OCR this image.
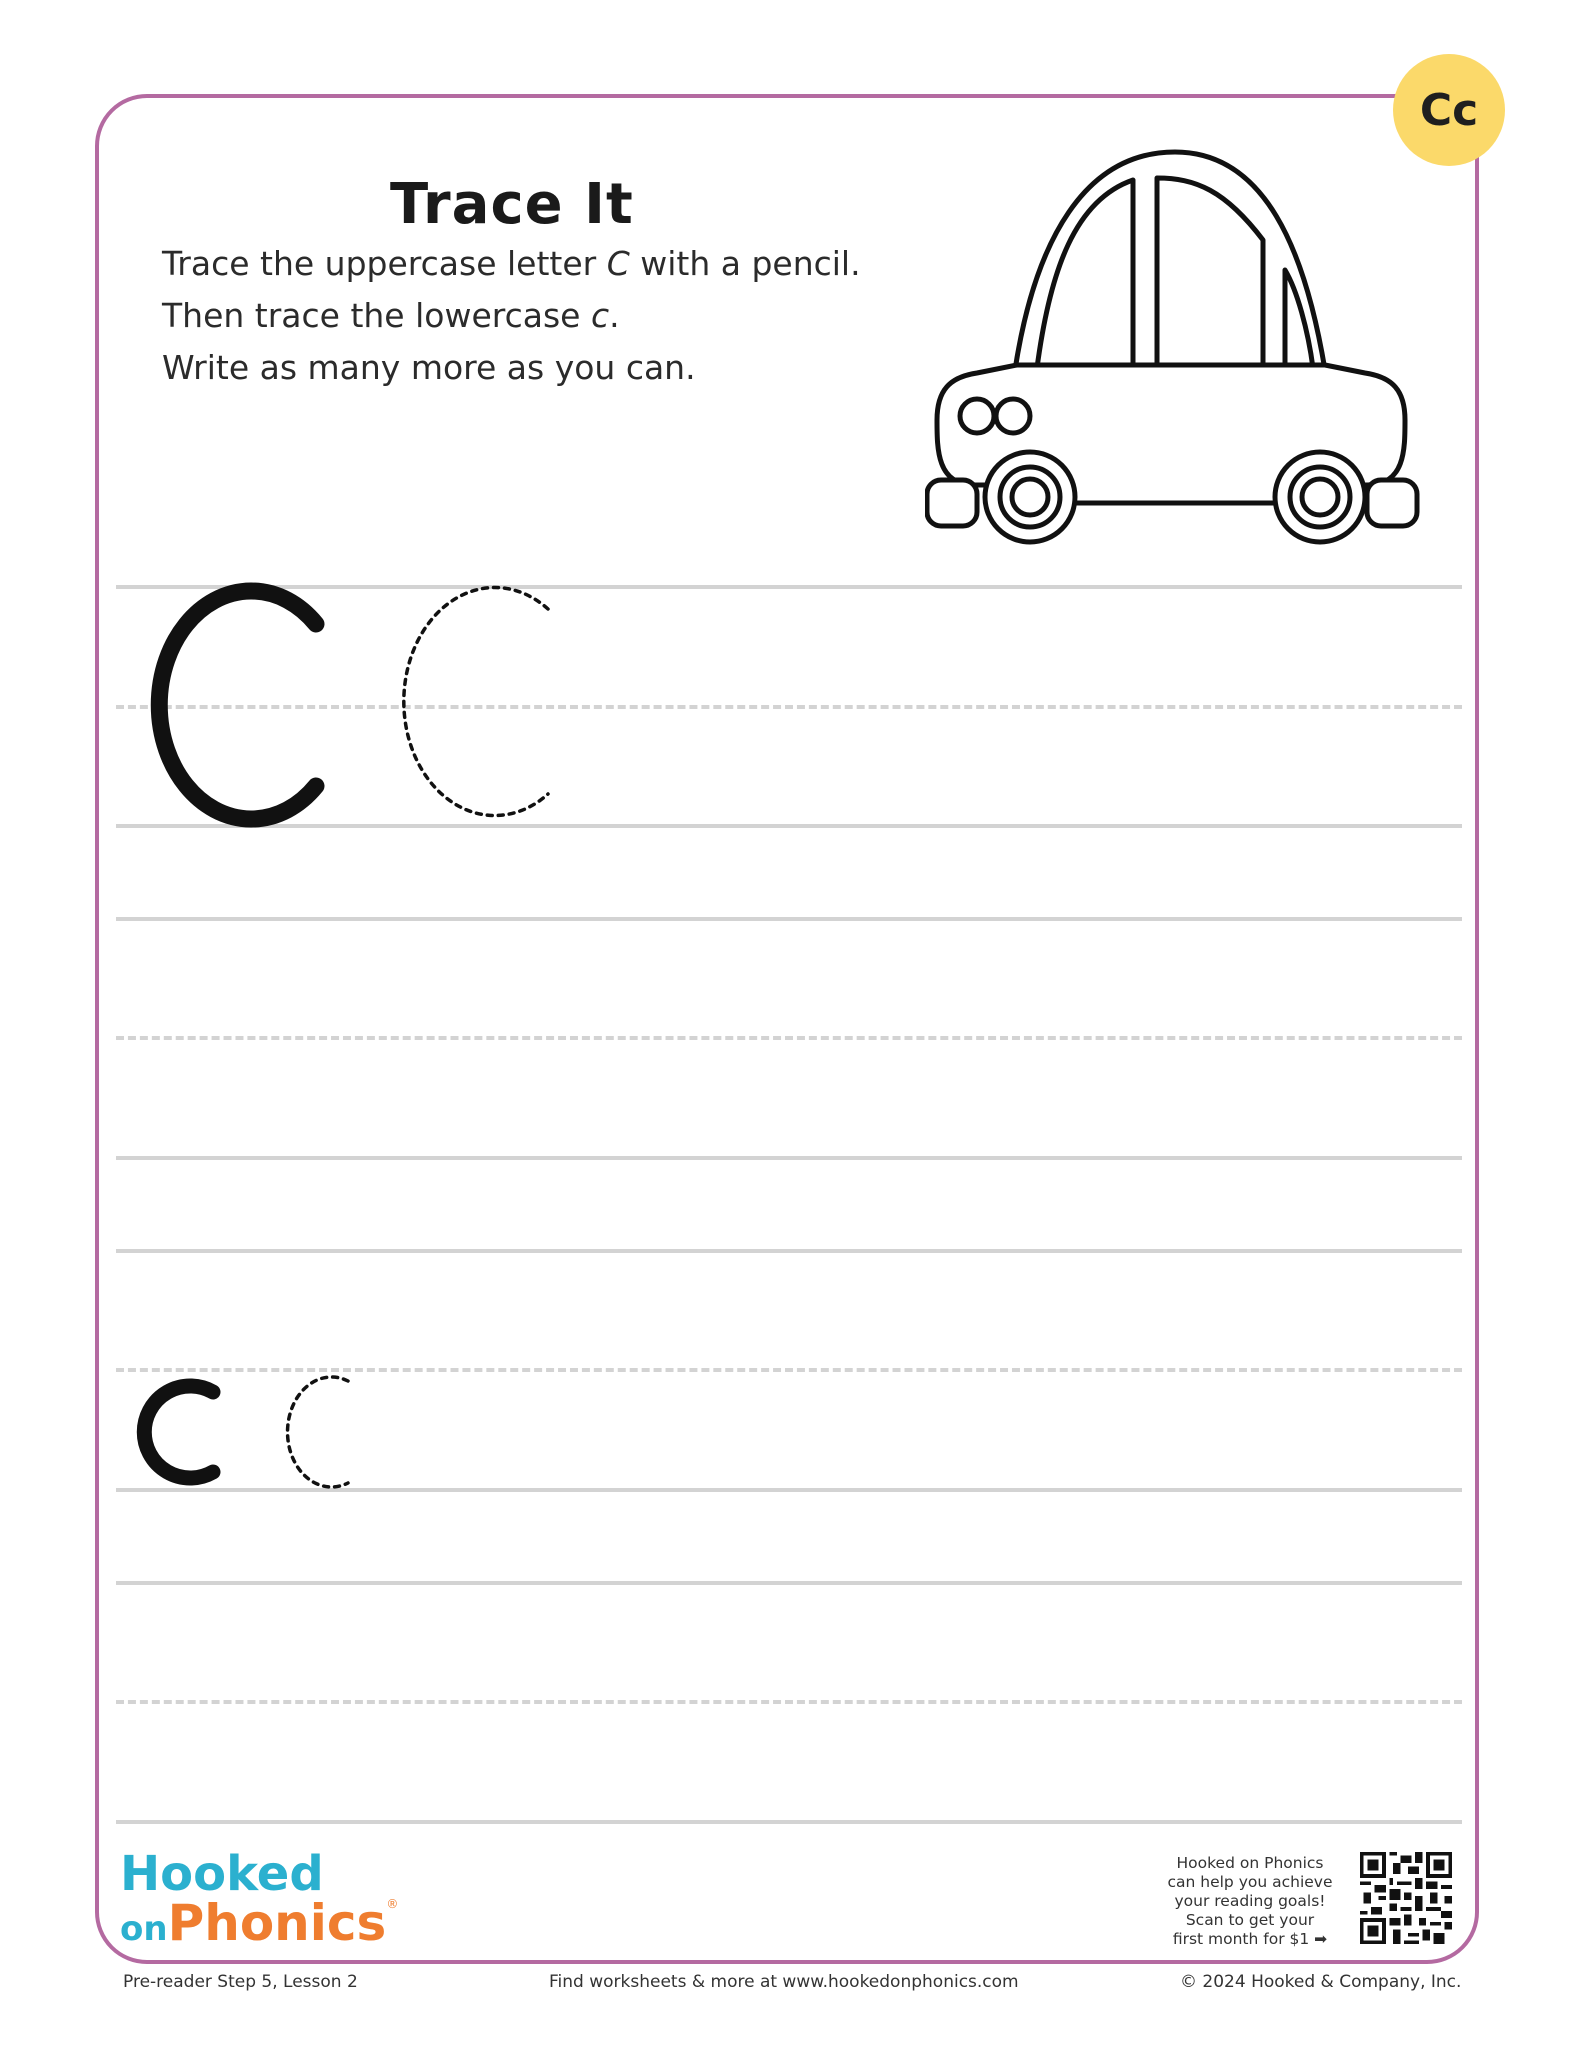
Cc
Trace It
Trace the uppercase letter C with a pencil.
Then trace the lowercase c.
Write as many more as you can.
Hooked
onPhonics®
Hooked on Phonics
can help you achieve
your reading goals!
Scan to get your
first month for $1 ➡
Pre-reader Step 5, Lesson 2	Find worksheets & more at www.hookedonphonics.com	© 2024 Hooked & Company, Inc.
